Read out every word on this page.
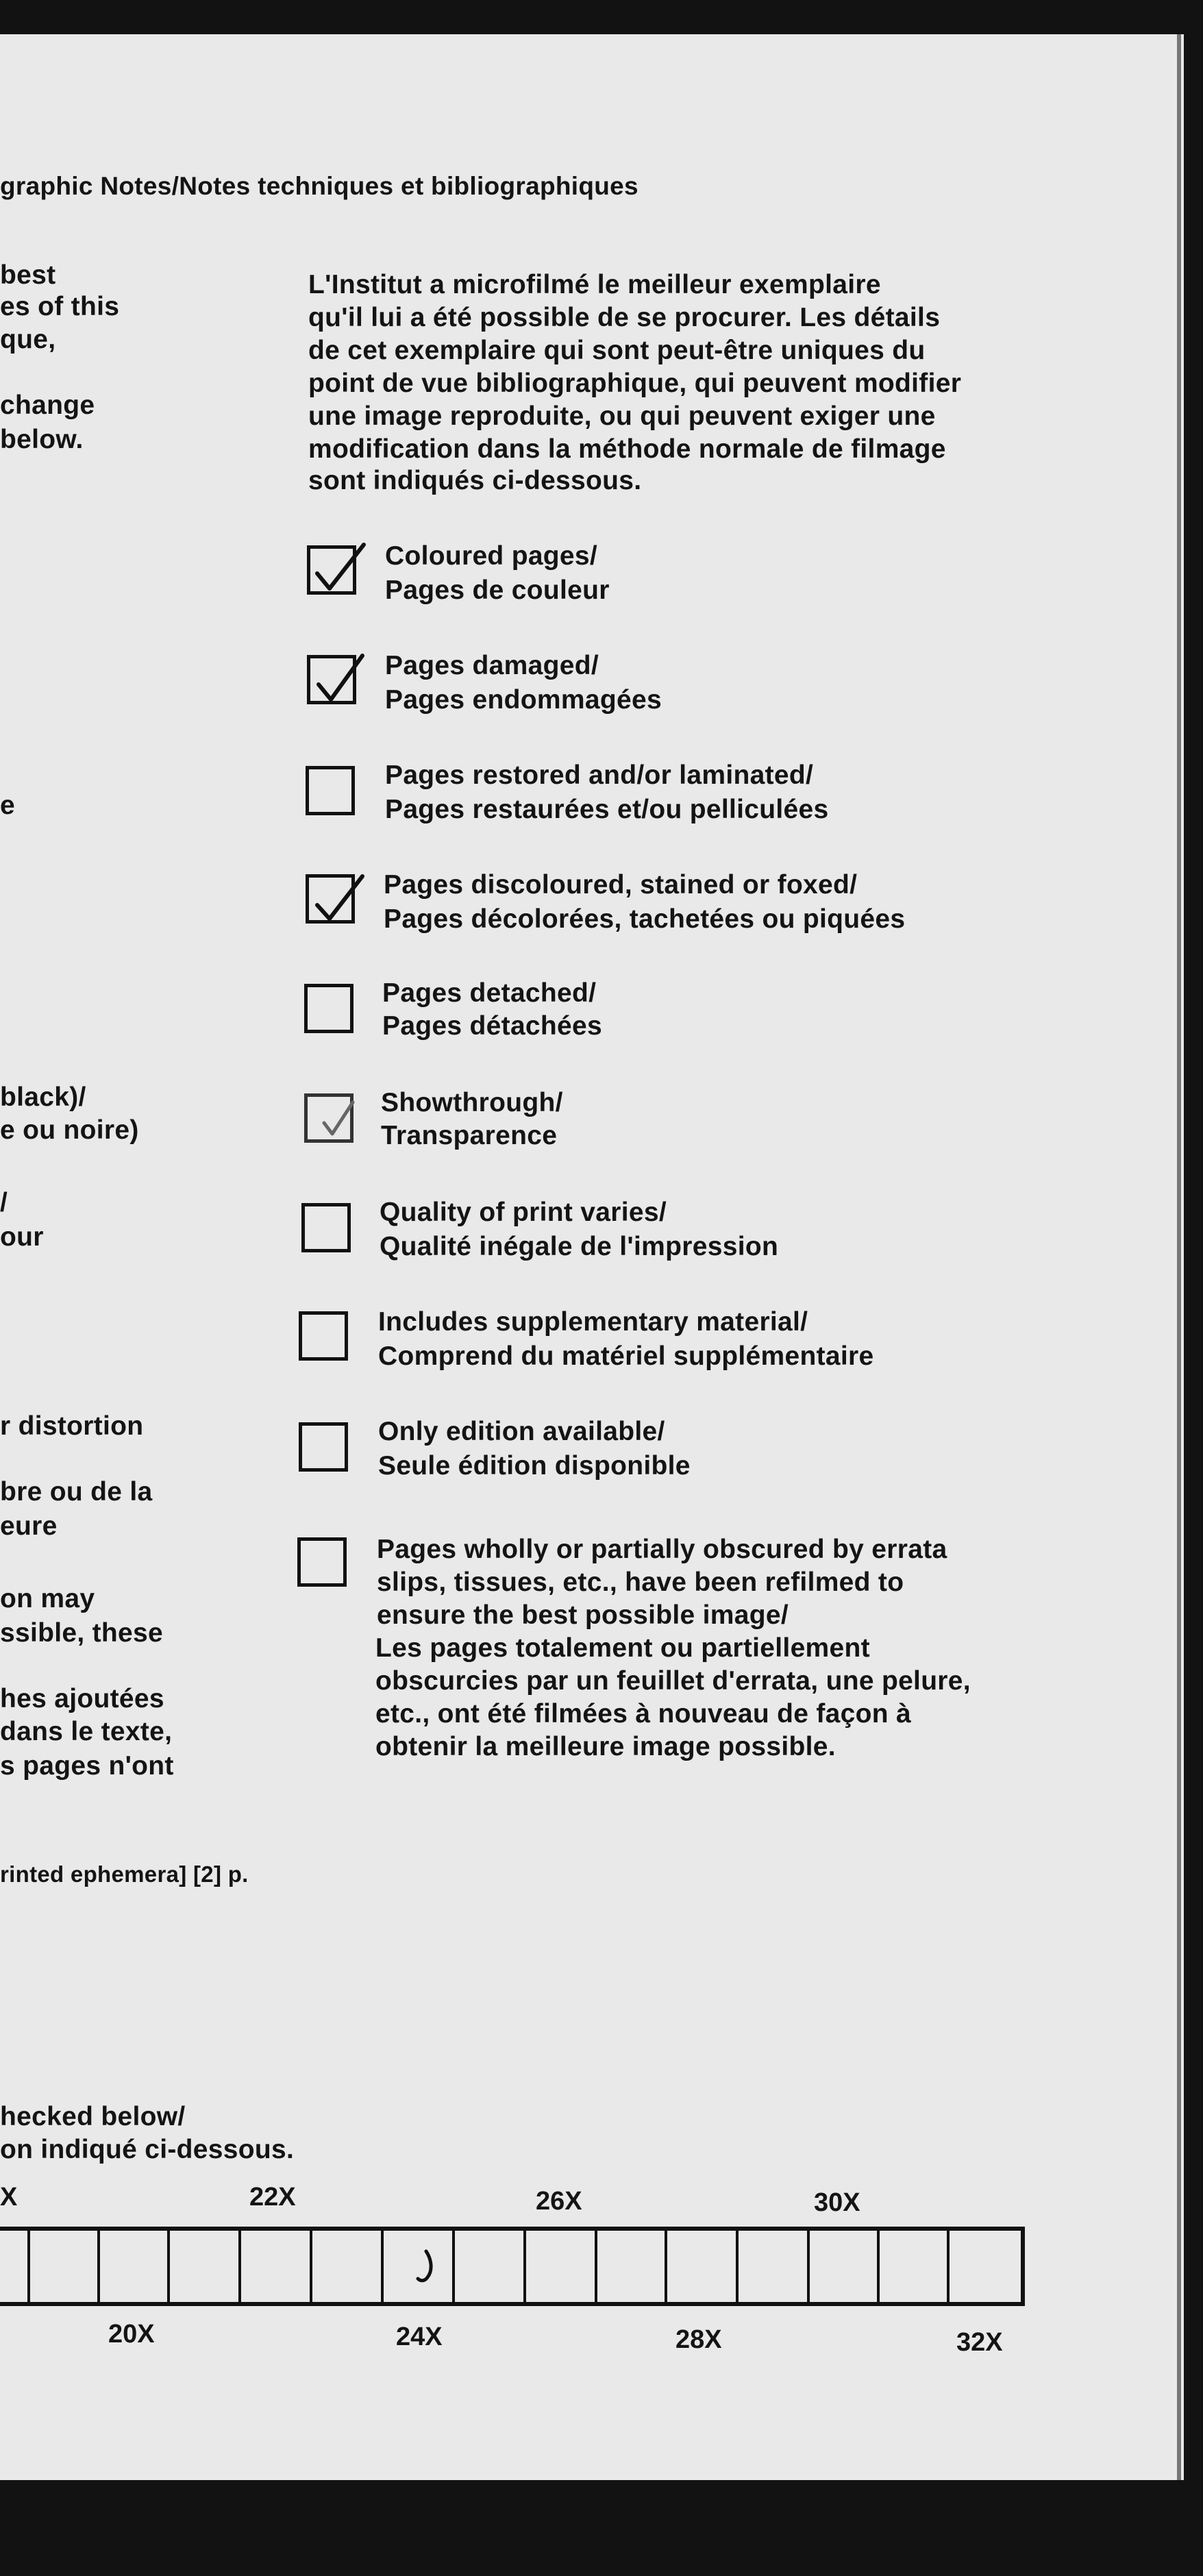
graphic Notes/Notes techniques et bibliographiques
best
es of this
que,
change
below.
e
black)/
e ou noire)
/
our
r distortion
bre ou de la
eure
on may
ssible, these
hes ajoutées
dans le texte,
s pages n'ont
rinted ephemera] [2] p.
hecked below/
on indiqué ci-dessous.
L'Institut a microfilmé le meilleur exemplaire
qu'il lui a été possible de se procurer. Les détails
de cet exemplaire qui sont peut-être uniques du
point de vue bibliographique, qui peuvent modifier
une image reproduite, ou qui peuvent exiger une
modification dans la méthode normale de filmage
sont indiqués ci-dessous.
Coloured pages/
Pages de couleur
Pages damaged/
Pages endommagées
Pages restored and/or laminated/
Pages restaurées et/ou pelliculées
Pages discoloured, stained or foxed/
Pages décolorées, tachetées ou piquées
Pages detached/
Pages détachées
Showthrough/
Transparence
Quality of print varies/
Qualité inégale de l'impression
Includes supplementary material/
Comprend du matériel supplémentaire
Only edition available/
Seule édition disponible
Pages wholly or partially obscured by errata
slips, tissues, etc., have been refilmed to
ensure the best possible image/
Les pages totalement ou partiellement
obscurcies par un feuillet d'errata, une pelure,
etc., ont été filmées à nouveau de façon à
obtenir la meilleure image possible.
X	22X	26X	30X
20X	24X	28X	32X
